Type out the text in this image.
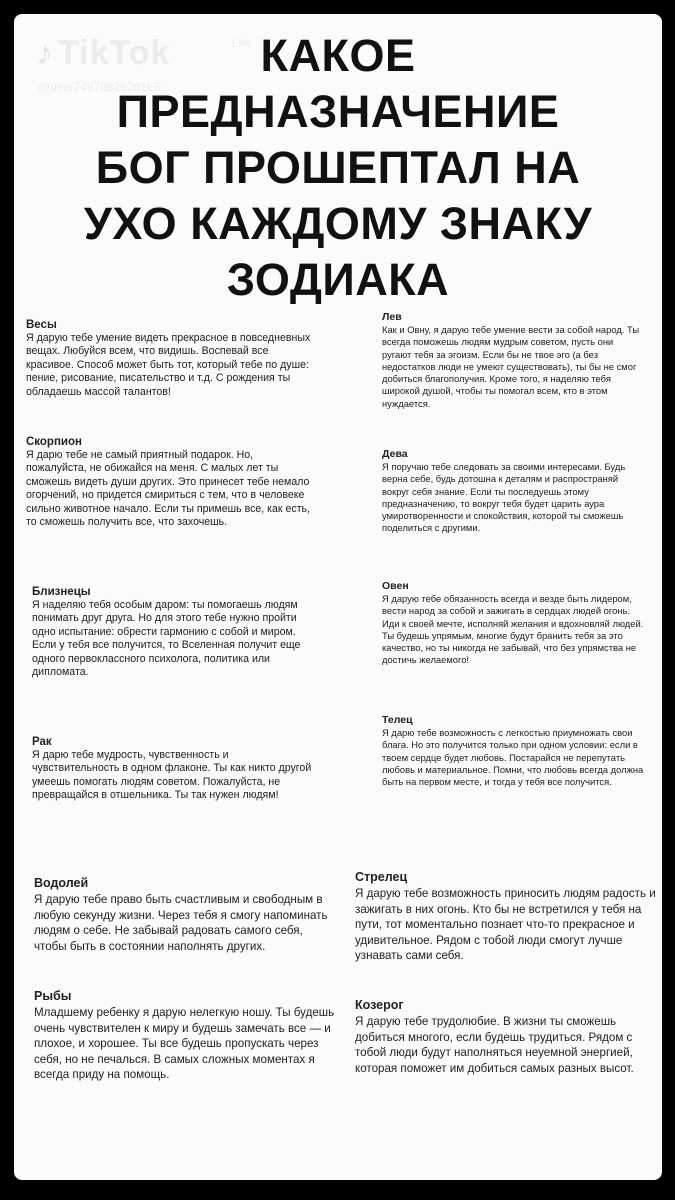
♪ TikTok	Lite
@user74970826201LE
КАКОЕ
ПРЕДНАЗНАЧЕНИЕ
БОГ ПРОШЕПТАЛ НА
УХО КАЖДОМУ ЗНАКУ
ЗОДИАКА
Весы
Я дарую тебе умение видеть прекрасное в повседневных вещах. Любуйся всем, что видишь. Воспевай все красивое. Способ может быть тот, который тебе по душе: пение, рисование, писательство и т.д. С рождения ты обладаешь массой талантов!
Скорпион
Я дарю тебе не самый приятный подарок. Но, пожалуйста, не обижайся на меня. С малых лет ты сможешь видеть души других. Это принесет тебе немало огорчений, но придется смириться с тем, что в человеке сильно животное начало. Если ты примешь все, как есть, то сможешь получить все, что захочешь.
Близнецы
Я наделяю тебя особым даром: ты помогаешь людям понимать друг друга. Но для этого тебе нужно пройти одно испытание: обрести гармонию с собой и миром. Если у тебя все получится, то Вселенная получит еще одного первоклассного психолога, политика или дипломата.
Рак
Я дарю тебе мудрость, чувственность и чувствительность в одном флаконе. Ты как никто другой умеешь помогать людям советом. Пожалуйста, не превращайся в отшельника. Ты так нужен людям!
Лев
Как и Овну, я дарую тебе умение вести за собой народ. Ты всегда поможешь людям мудрым советом, пусть они ругают тебя за эгоизм. Если бы не твое эго (а без недостатков люди не умеют существовать), ты бы не смог добиться благополучия. Кроме того, я наделяю тебя широкой душой, чтобы ты помогал всем, кто в этом нуждается.
Дева
Я поручаю тебе следовать за своими интересами. Будь верна себе, будь дотошна к деталям и распространяй вокруг себя знание. Если ты последуешь этому предназначению, то вокруг тебя будет царить аура умиротворенности и спокойствия, которой ты сможешь поделиться с другими.
Овен
Я дарую тебе обязанность всегда и везде быть лидером, вести народ за собой и зажигать в сердцах людей огонь. Иди к своей мечте, исполняй желания и вдохновляй людей. Ты будешь упрямым, многие будут бранить тебя за это качество, но ты никогда не забывай, что без упрямства не достичь желаемого!
Телец
Я дарю тебе возможность с легкостью приумножать свои блага. Но это получится только при одном условии: если в твоем сердце будет любовь. Постарайся не перепутать любовь и материальное. Помни, что любовь всегда должна быть на первом месте, и тогда у тебя все получится.
Водолей
Я дарую тебе право быть счастливым и свободным в любую секунду жизни. Через тебя я смогу напоминать людям о себе. Не забывай радовать самого себя, чтобы быть в состоянии наполнять других.
Рыбы
Младшему ребенку я дарую нелегкую ношу. Ты будешь очень чувствителен к миру и будешь замечать все — и плохое, и хорошее. Ты все будешь пропускать через себя, но не печалься. В самых сложных моментах я всегда приду на помощь.
Стрелец
Я дарую тебе возможность приносить людям радость и зажигать в них огонь. Кто бы не встретился у тебя на пути, тот моментально познает что-то прекрасное и удивительное. Рядом с тобой люди смогут лучше узнавать сами себя.
Козерог
Я дарую тебе трудолюбие. В жизни ты сможешь добиться многого, если будешь трудиться. Рядом с тобой люди будут наполняться неуемной энергией, которая поможет им добиться самых разных высот.
